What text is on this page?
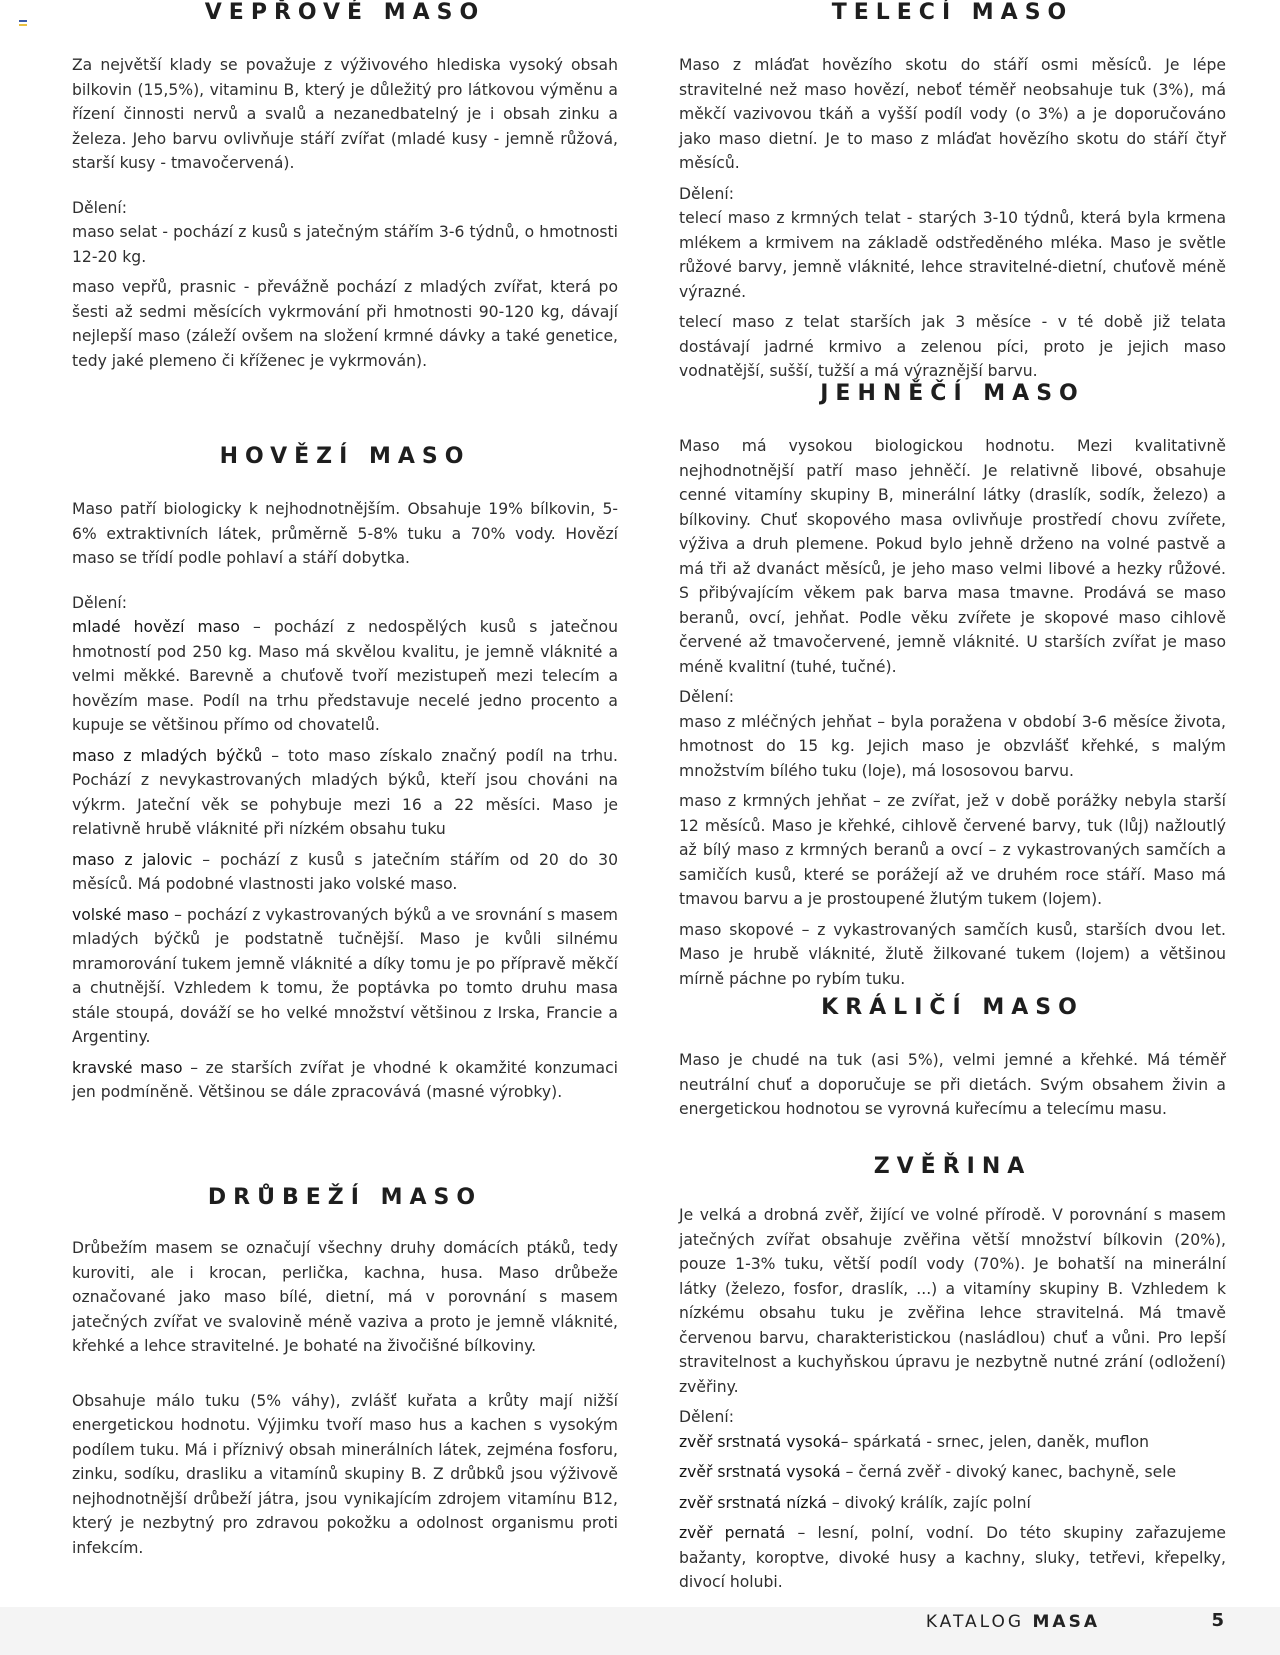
VEPŘOVÉ MASO

Za největší klady se považuje z výživového hlediska vysoký obsah bilkovin (15,5%), vitaminu B, který je důležitý pro látkovou výměnu a řízení činnosti nervů a svalů a nezanedbatelný je i obsah zinku a železa. Jeho barvu ovlivňuje stáří zvířat (mladé kusy - jemně růžová, starší kusy - tmavočervená).

Dělení:

maso selat - pochází z kusů s jatečným stářím 3-6 týdnů, o hmotnosti 12-20 kg.

maso vepřů, prasnic - převážně pochází z mladých zvířat, která po šesti až sedmi měsících vykrmování při hmotnosti 90-120 kg, dávají nejlepší maso (záleží ovšem na složení krmné dávky a také genetice, tedy jaké plemeno či kříženec je vykrmován).

HOVĚZÍ MASO

Maso patří biologicky k nejhodnotnějším. Obsahuje 19% bílkovin, 5-6% extraktivních látek, průměrně 5-8% tuku a 70% vody. Hovězí maso se třídí podle pohlaví a stáří dobytka.

Dělení:

mladé hovězí maso – pochází z nedospělých kusů s jatečnou hmotností pod 250 kg. Maso má skvělou kvalitu, je jemně vláknité a velmi měkké. Barevně a chuťově tvoří mezistupeň mezi telecím a hovězím mase. Podíl na trhu představuje necelé jedno procento a kupuje se většinou přímo od chovatelů.

maso z mladých býčků – toto maso získalo značný podíl na trhu. Pochází z nevykastrovaných mladých býků, kteří jsou chováni na výkrm. Jateční věk se pohybuje mezi 16 a 22 měsíci. Maso je relativně hrubě vláknité při nízkém obsahu tuku

maso z jalovic – pochází z kusů s jatečním stářím od 20 do 30 měsíců. Má podobné vlastnosti jako volské maso.

volské maso – pochází z vykastrovaných býků a ve srovnání s masem mladých býčků je podstatně tučnější. Maso je kvůli silnému mramorování tukem jemně vláknité a díky tomu je po přípravě měkčí a chutnější. Vzhledem k tomu, že poptávka po tomto druhu masa stále stoupá, dováží se ho velké množství většinou z Irska, Francie a Argentiny.

kravské maso – ze starších zvířat je vhodné k okamžité konzumaci jen podmíněně. Většinou se dále zpracovává (masné výrobky).

DRŮBEŽÍ MASO

Drůbežím masem se označují všechny druhy domácích ptáků, tedy kuroviti, ale i krocan, perlička, kachna, husa. Maso drůbeže označované jako maso bílé, dietní, má v porovnání s masem jatečných zvířat ve svalovině méně vaziva a proto je jemně vláknité, křehké a lehce stravitelné. Je bohaté na živočišné bílkoviny.

Obsahuje málo tuku (5% váhy), zvlášť kuřata a krůty mají nižší energetickou hodnotu. Výjimku tvoří maso hus a kachen s vysokým podílem tuku. Má i příznivý obsah minerálních látek, zejména fosforu, zinku, sodíku, drasliku a vitamínů skupiny B. Z drůbků jsou výživově nejhodnotnější drůbeží játra, jsou vynikajícím zdrojem vitamínu B12, který je nezbytný pro zdravou pokožku a odolnost organismu proti infekcím.

TELECÍ MASO

Maso z mláďat hovězího skotu do stáří osmi měsíců. Je lépe stravitelné než maso hovězí, neboť téměř neobsahuje tuk (3%), má měkčí vazivovou tkáň a vyšší podíl vody (o 3%) a je doporučováno jako maso dietní. Je to maso z mláďat hovězího skotu do stáří čtyř měsíců.

Dělení:

telecí maso z krmných telat - starých 3-10 týdnů, která byla krmena mlékem a krmivem na základě odstředěného mléka. Maso je světle růžové barvy, jemně vláknité, lehce stravitelné-dietní, chuťově méně výrazné.

telecí maso z telat starších jak 3 měsíce - v té době již telata dostávají jadrné krmivo a zelenou píci, proto je jejich maso vodnatější, sušší, tužší a má výraznější barvu.

JEHNĚČÍ MASO

Maso má vysokou biologickou hodnotu. Mezi kvalitativně nejhodnotnější patří maso jehněčí. Je relativně libové, obsahuje cenné vitamíny skupiny B, minerální látky (draslík, sodík, železo) a bílkoviny. Chuť skopového masa ovlivňuje prostředí chovu zvířete, výživa a druh plemene. Pokud bylo jehně drženo na volné pastvě a má tři až dvanáct měsíců, je jeho maso velmi libové a hezky růžové. S přibývajícím věkem pak barva masa tmavne. Prodává se maso beranů, ovcí, jehňat. Podle věku zvířete je skopové maso cihlově červené až tmavočervené, jemně vláknité. U starších zvířat je maso méně kvalitní (tuhé, tučné).

Dělení:

maso z mléčných jehňat – byla poražena v období 3-6 měsíce života, hmotnost do 15 kg. Jejich maso je obzvlášť křehké, s malým množstvím bílého tuku (loje), má lososovou barvu.

maso z krmných jehňat – ze zvířat, jež v době porážky nebyla starší 12 měsíců. Maso je křehké, cihlově červené barvy, tuk (lůj) nažloutlý až bílý maso z krmných beranů a ovcí – z vykastrovaných samčích a samičích kusů, které se porážejí až ve druhém roce stáří. Maso má tmavou barvu a je prostoupené žlutým tukem (lojem).

maso skopové – z vykastrovaných samčích kusů, starších dvou let. Maso je hrubě vláknité, žlutě žilkované tukem (lojem) a většinou mírně páchne po rybím tuku.

KRÁLIČÍ MASO

Maso je chudé na tuk (asi 5%), velmi jemné a křehké. Má téměř neutrální chuť a doporučuje se při dietách. Svým obsahem živin a energetickou hodnotou se vyrovná kuřecímu a telecímu masu.

ZVĚŘINA

Je velká a drobná zvěř, žijící ve volné přírodě. V porovnání s masem jatečných zvířat obsahuje zvěřina větší množství bílkovin (20%), pouze 1-3% tuku, větší podíl vody (70%). Je bohatší na minerální látky (železo, fosfor, draslík, ...) a vitamíny skupiny B. Vzhledem k nízkému obsahu tuku je zvěřina lehce stravitelná. Má tmavě červenou barvu, charakteristickou (nasládlou) chuť a vůni. Pro lepší stravitelnost a kuchyňskou úpravu je nezbytně nutné zrání (odložení) zvěřiny.

Dělení:

zvěř srstnatá vysoká– spárkatá - srnec, jelen, daněk, muflon

zvěř srstnatá vysoká – černá zvěř - divoký kanec, bachyně, sele

zvěř srstnatá nízká – divoký králík, zajíc polní

zvěř pernatá – lesní, polní, vodní. Do této skupiny zařazujeme bažanty, koroptve, divoké husy a kachny, sluky, tetřevi, křepelky, divocí holubi.

KATALOG MASA	5
